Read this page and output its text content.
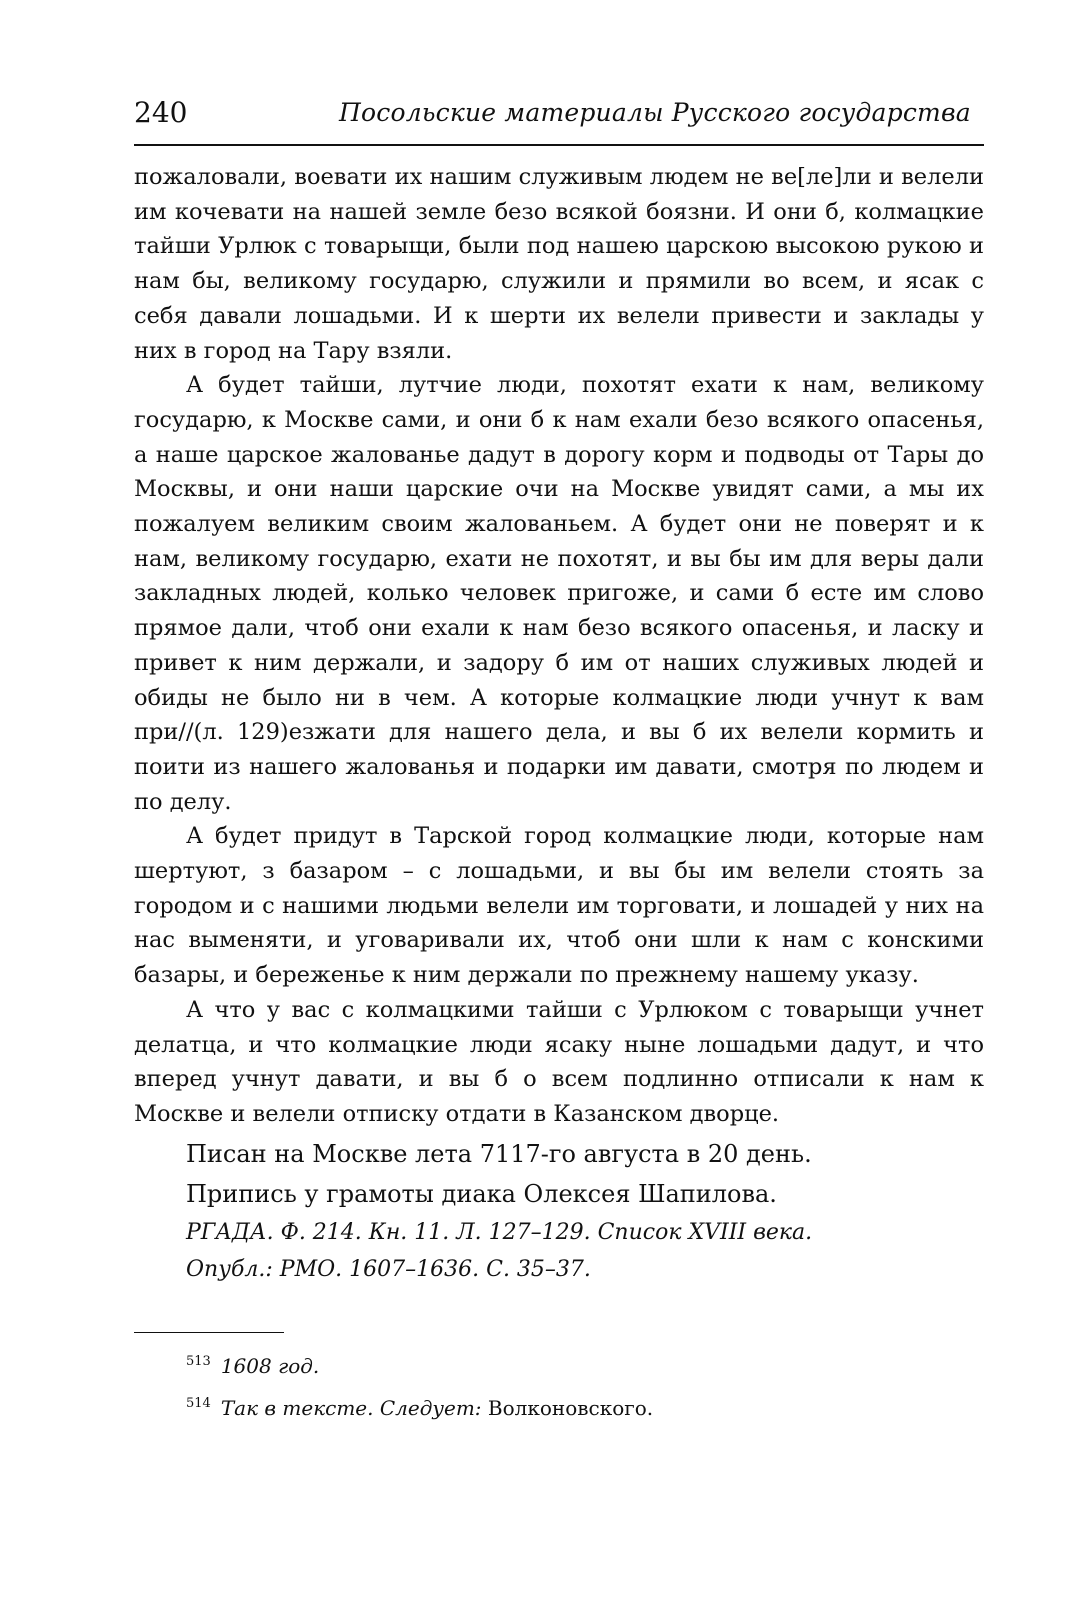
240	Посольские материалы Русского государства

пожаловали, воевати их нашим служивым людем не ве[ле]ли и велели им кочевати на нашей земле безо всякой боязни. И они б, колмацкие тайши Урлюк с товарыщи, были под нашею царскою высокою рукою и нам бы, великому государю, служили и прямили во всем, и ясак с себя давали лошадьми. И к шерти их велели привести и заклады у них в город на Тару взяли.

А будет тайши, лутчие люди, похотят ехати к нам, великому государю, к Москве сами, и они б к нам ехали безо всякого опасенья, а наше царское жалованье дадут в дорогу корм и подводы от Тары до Москвы, и они наши царские очи на Москве увидят сами, а мы их пожалуем великим своим жалованьем. А будет они не поверят и к нам, великому государю, ехати не похотят, и вы бы им для веры дали закладных людей, колько человек пригоже, и сами б есте им слово прямое дали, чтоб они ехали к нам безо всякого опасенья, и ласку и привет к ним держали, и задору б им от наших служивых людей и обиды не было ни в чем. А которые колмацкие люди учнут к вам при//(л. 129)езжати для нашего дела, и вы б их велели кормить и поити из нашего жалованья и подарки им давати, смотря по людем и по делу.

А будет придут в Тарской город колмацкие люди, которые нам шертуют, з базаром – с лошадьми, и вы бы им велели стоять за городом и с нашими людьми велели им торговати, и лошадей у них на нас выменяти, и уговаривали их, чтоб они шли к нам с конскими базары, и береженье к ним держали по прежнему нашему указу.

А что у вас с колмацкими тайши с Урлюком с товарыщи учнет делатца, и что колмацкие люди ясаку ныне лошадьми дадут, и что вперед учнут давати, и вы б о всем подлинно отписали к нам к Москве и велели отписку отдати в Казанском дворце.

Писан на Москве лета 7117-го августа в 20 день.
Припись у грамоты диака Олексея Шапилова.
РГАДА. Ф. 214. Кн. 11. Л. 127–129. Список XVIII века.
Опубл.: РМО. 1607–1636. С. 35–37.
$^{513}$ 1608 год.
$^{514}$ Так в тексте. Следует: Волконовского.
